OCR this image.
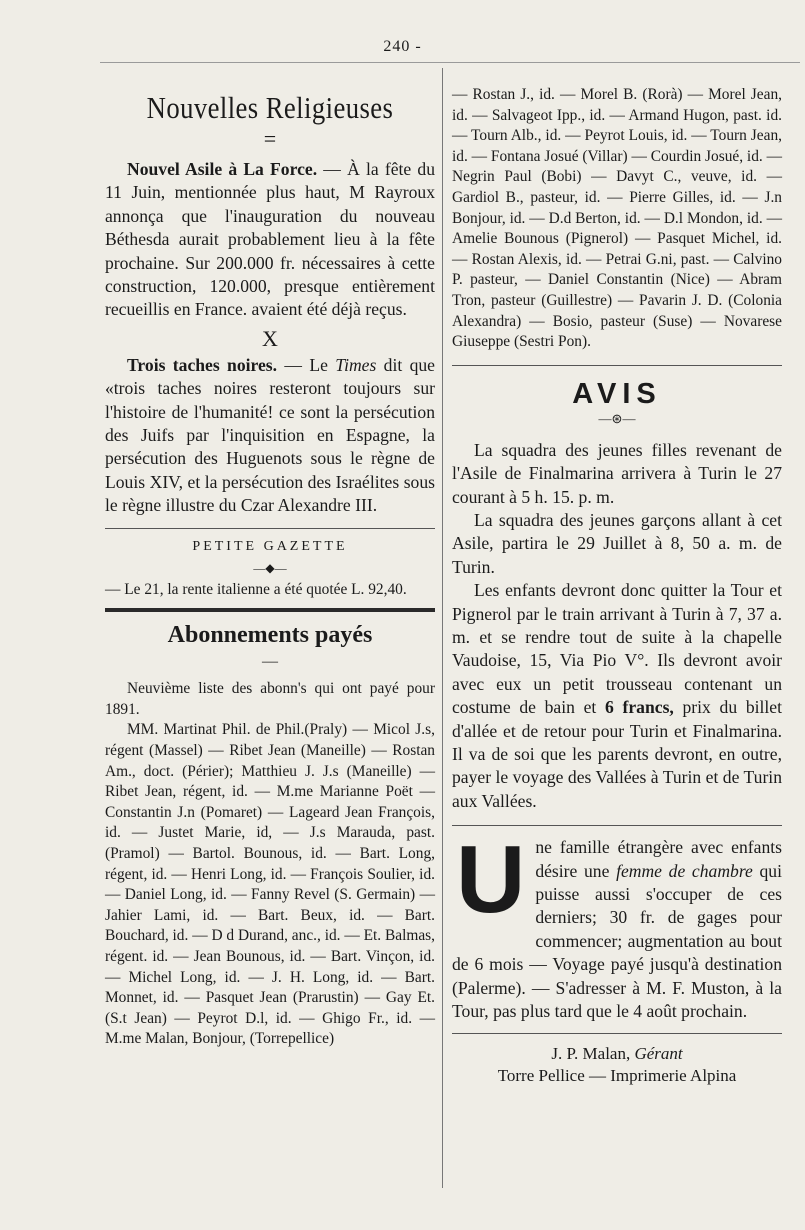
240 -
Nouvelles Religieuses
=

Nouvel Asile à La Force. — À la fête du 11 Juin, mentionnée plus haut, M Rayroux annonça que l'inauguration du nouveau Béthesda aurait probablement lieu à la fête prochaine. Sur 200.000 fr. nécessaires à cette construction, 120.000, presque entièrement recueillis en France. avaient été déjà reçus.

X

Trois taches noires. — Le Times dit que «trois taches noires resteront toujours sur l'histoire de l'humanité! ce sont la persécution des Juifs par l'inquisition en Espagne, la persécution des Huguenots sous le règne de Louis XIV, et la persécution des Israélites sous le règne illustre du Czar Alexandre III.

PETITE GAZETTE
—◆—

— Le 21, la rente italienne a été quotée L. 92,40.

Abonnements payés
—

Neuvième liste des abonn's qui ont payé pour 1891.

MM. Martinat Phil. de Phil.(Praly) — Micol J.s, régent (Massel) — Ribet Jean (Maneille) — Rostan Am., doct. (Périer); Matthieu J. J.s (Maneille) — Ribet Jean, régent, id. — M.me Marianne Poët — Constantin J.n (Pomaret) — Lageard Jean François, id. — Justet Marie, id, — J.s Marauda, past. (Pramol) — Bartol. Bounous, id. — Bart. Long, régent, id. — Henri Long, id. — François Soulier, id. — Daniel Long, id. — Fanny Revel (S. Germain) — Jahier Lami, id. — Bart. Beux, id. — Bart. Bouchard, id. — D d Durand, anc., id. — Et. Balmas, régent. id. — Jean Bounous, id. — Bart. Vinçon, id. — Michel Long, id. — J. H. Long, id. — Bart. Monnet, id. — Pasquet Jean (Prarustin) — Gay Et. (S.t Jean) — Peyrot D.l, id. — Ghigo Fr., id. — M.me Malan, Bonjour, (Torrepellice)

— Rostan J., id. — Morel B. (Rorà) — Morel Jean, id. — Salvageot Ipp., id. — Armand Hugon, past. id. — Tourn Alb., id. — Peyrot Louis, id. — Tourn Jean, id. — Fontana Josué (Villar) — Courdin Josué, id. — Negrin Paul (Bobi) — Davyt C., veuve, id. — Gardiol B., pasteur, id. — Pierre Gilles, id. — J.n Bonjour, id. — D.d Berton, id. — D.l Mondon, id. — Amelie Bounous (Pignerol) — Pasquet Michel, id. — Rostan Alexis, id. — Petrai G.ni, past. — Calvino P. pasteur, — Daniel Constantin (Nice) — Abram Tron, pasteur (Guillestre) — Pavarin J. D. (Colonia Alexandra) — Bosio, pasteur (Suse) — Novarese Giuseppe (Sestri Pon).

AVIS
—⊛—

La squadra des jeunes filles revenant de l'Asile de Finalmarina arrivera à Turin le 27 courant à 5 h. 15. p. m.

La squadra des jeunes garçons allant à cet Asile, partira le 29 Juillet à 8, 50 a. m. de Turin.

Les enfants devront donc quitter la Tour et Pignerol par le train arrivant à Turin à 7, 37 a. m. et se rendre tout de suite à la chapelle Vaudoise, 15, Via Pio V°. Ils devront avoir avec eux un petit trousseau contenant un costume de bain et 6 francs, prix du billet d'allée et de retour pour Turin et Finalmarina. Il va de soi que les parents devront, en outre, payer le voyage des Vallées à Turin et de Turin aux Vallées.

U ne famille étrangère avec enfants désire une femme de chambre qui puisse aussi s'occuper de ces derniers; 30 fr. de gages pour commencer; augmentation au bout de 6 mois — Voyage payé jusqu'à destination (Palerme). — S'adresser à M. F. Muston, à la Tour, pas plus tard que le 4 août prochain.

J. P. Malan, Gérant
Torre Pellice — Imprimerie Alpina
